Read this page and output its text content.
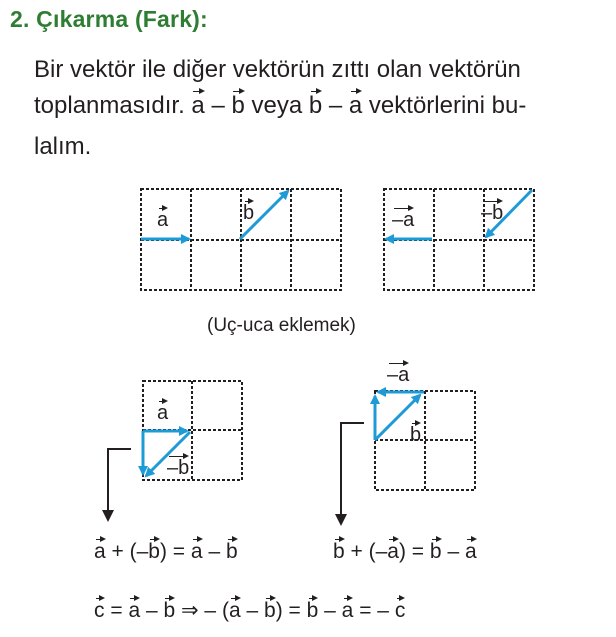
2. Çıkarma (Fark):
Bir vektör ile diğer vektörün zıttı olan vektörün
toplanmasıdır. a – b veya b – a vektörlerini bu-
lalım.
a	b	–a	–b
(Uç-uca eklemek)
a
–b
–a
b
a + (–b) = a – b	b + (–a) = b – a
c = a – b ⇒ – (a – b) = b – a = – c
